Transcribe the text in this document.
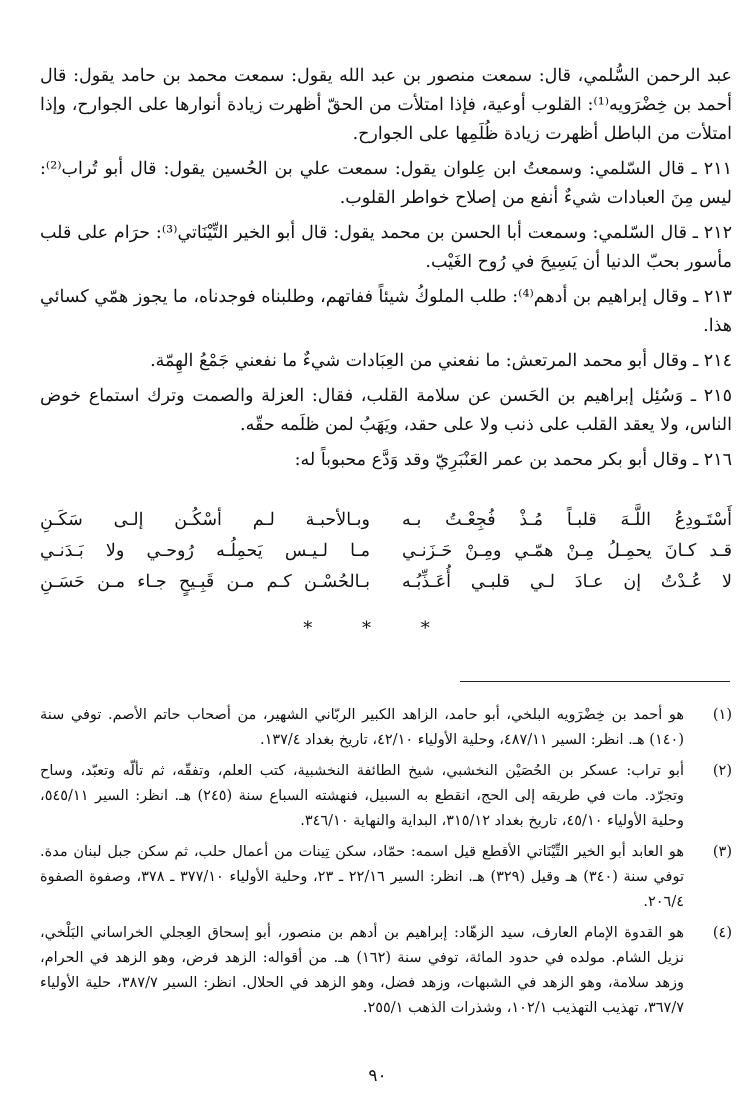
عبد الرحمن السُّلمي، قال: سمعت منصور بن عبد الله يقول: سمعت محمد بن حامد يقول: قال أحمد بن خِضْرَويه⁽¹⁾: القلوب أوعية، فإذا امتلأت من الحقّ أظهرت زيادة أنوارها على الجوارح، وإذا امتلأت من الباطل أظهرت زيادة ظُلَمِها على الجوارح.

٢١١ ـ قال السّلمي: وسمعتُ ابن عِلوان يقول: سمعت علي بن الحُسين يقول: قال أبو تُراب⁽²⁾: ليس مِنَ العبادات شيءٌ أنفع من إصلاح خواطر القلوب.

٢١٢ ـ قال السّلمي: وسمعت أبا الحسن بن محمد يقول: قال أبو الخير التِّيْنَاتي⁽³⁾: حرَام على قلب مأسور بحبّ الدنيا أن يَسِيحَ في رُوح الغَيْب.

٢١٣ ـ وقال إبراهيم بن أدهم⁽⁴⁾: طلب الملوكُ شيئاً ففاتهم، وطلبناه فوجدناه، ما يجوز همّي كسائي هذا.

٢١٤ ـ وقال أبو محمد المرتعش: ما نفعني من العِبَادات شيءٌ ما نفعني جَمْعُ الهِمّة.

٢١٥ ـ وَسُئِل إبراهيم بن الحَسن عن سلامة القلب، فقال: العزلة والصمت وترك استماع خوض الناس، ولا يعقد القلب على ذنب ولا على حقد، ويَهَبُ لمن ظلَمه حقّه.

٢١٦ ـ وقال أبو بكر محمد بن عمر العَنْبَرِيّ وقد وَدَّع محبوباً له:

أَسْتَـودِعُ اللَّـهَ قلبـاً مُـذْ فُجِعْـتُ بـه
وبـالأحبـة لـم أسْكُـن إلـى سَكَـنِ
قـد كـانَ يحمِـلُ مِـنْ همّـي ومِـنْ حَـزَنـي
مـا لـيـس يَحمِلُـه رُوحـي ولا بَـدَنـي
لا عُـدْتُ إن عـادَ لـي قلبـي أُعَـذِّبُـه
بـالحُسْـن كـم مـن قَبِـيحٍ جـاء مـن حَسَـنِ
* * *
(١)
هو أحمد بن خِضْرَويه البلخي، أبو حامد، الزاهد الكبير الربّاني الشهير، من أصحاب حاتم الأصم. توفي سنة (١٤٠) هـ. انظر: السير ٤٨٧/١١، وحلية الأولياء ٤٢/١٠، تاريخ بغداد ١٣٧/٤.
(٢)
أبو تراب: عسكر بن الحُصَيْن النخشبي، شيخ الطائفة النخشبية، كتب العلم، وتفقّه، ثم تألّه وتعبّد، وساح وتجرّد. مات في طريقه إلى الحج، انقطع به السبيل، فنهشته السباع سنة (٢٤٥) هـ. انظر: السير ٥٤٥/١١، وحلية الأولياء ٤٥/١٠، تاريخ بغداد ٣١٥/١٢، البداية والنهاية ٣٤٦/١٠.
(٣)
هو العابد أبو الخير التِّيْنَاتي الأقطع قيل اسمه: حمّاد، سكن تِينات من أعمال حلب، ثم سكن جبل لبنان مدة. توفي سنة (٣٤٠) هـ وقيل (٣٢٩) هـ. انظر: السير ٢٢/١٦ ـ ٢٣، وحلية الأولياء ٣٧٧/١٠ ـ ٣٧٨، وصفوة الصفوة ٢٠٦/٤.
(٤)
هو القدوة الإمام العارف، سيد الزهّاد: إبراهيم بن أدهم بن منصور، أبو إسحاق العِجلي الخراساني البَلْخي، نزيل الشام. مولده في حدود المائة، توفي سنة (١٦٢) هـ. من أقواله: الزهد فرض، وهو الزهد في الحرام، وزهد سلامة، وهو الزهد في الشبهات، وزهد فضل، وهو الزهد في الحلال. انظر: السير ٣٨٧/٧، حلية الأولياء ٣٦٧/٧، تهذيب التهذيب ١٠٢/١، وشذرات الذهب ٢٥٥/١.
٩٠
